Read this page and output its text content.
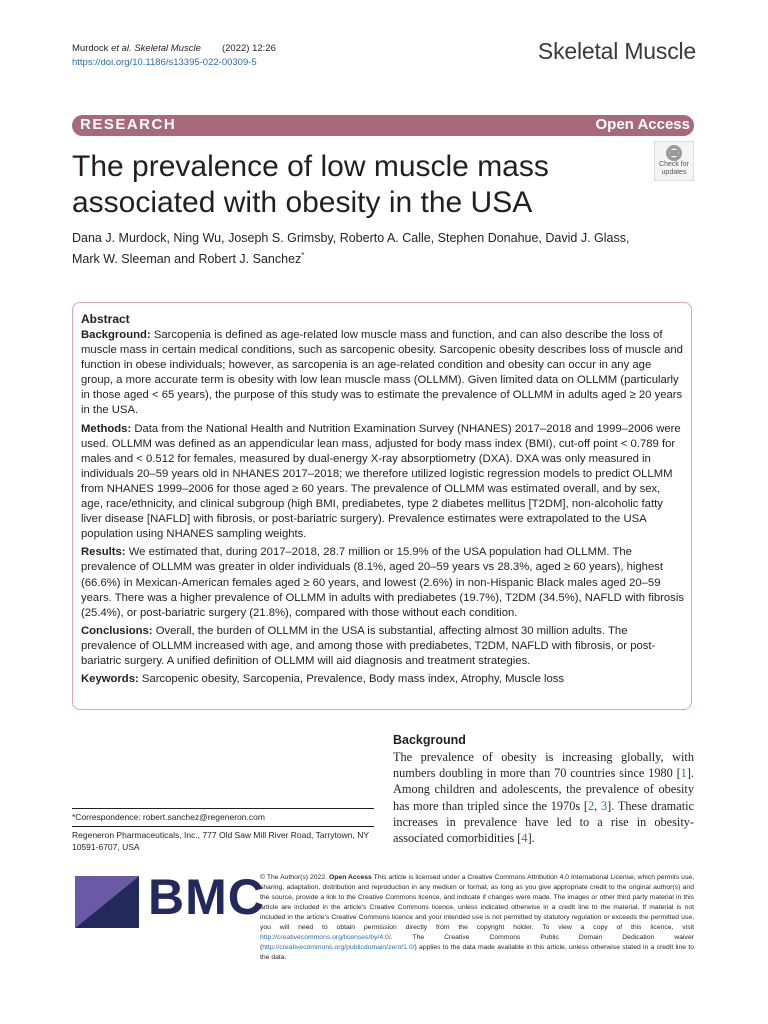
Murdock et al. Skeletal Muscle (2022) 12:26
https://doi.org/10.1186/s13395-022-00309-5	Skeletal Muscle
RESEARCH	Open Access
The prevalence of low muscle mass associated with obesity in the USA
Check for
updates
Dana J. Murdock, Ning Wu, Joseph S. Grimsby, Roberto A. Calle, Stephen Donahue, David J. Glass,
Mark W. Sleeman and Robert J. Sanchez*
Abstract

Background: Sarcopenia is defined as age-related low muscle mass and function, and can also describe the loss of muscle mass in certain medical conditions, such as sarcopenic obesity. Sarcopenic obesity describes loss of muscle and function in obese individuals; however, as sarcopenia is an age-related condition and obesity can occur in any age group, a more accurate term is obesity with low lean muscle mass (OLLMM). Given limited data on OLLMM (particularly in those aged < 65 years), the purpose of this study was to estimate the prevalence of OLLMM in adults aged ≥ 20 years in the USA.

Methods: Data from the National Health and Nutrition Examination Survey (NHANES) 2017–2018 and 1999–2006 were used. OLLMM was defined as an appendicular lean mass, adjusted for body mass index (BMI), cut-off point < 0.789 for males and < 0.512 for females, measured by dual-energy X-ray absorptiometry (DXA). DXA was only measured in individuals 20–59 years old in NHANES 2017–2018; we therefore utilized logistic regression models to predict OLLMM from NHANES 1999–2006 for those aged ≥ 60 years. The prevalence of OLLMM was estimated overall, and by sex, age, race/ethnicity, and clinical subgroup (high BMI, prediabetes, type 2 diabetes mellitus [T2DM], non-alcoholic fatty liver disease [NAFLD] with fibrosis, or post-bariatric surgery). Prevalence estimates were extrapolated to the USA population using NHANES sampling weights.

Results: We estimated that, during 2017–2018, 28.7 million or 15.9% of the USA population had OLLMM. The prevalence of OLLMM was greater in older individuals (8.1%, aged 20–59 years vs 28.3%, aged ≥ 60 years), highest (66.6%) in Mexican-American females aged ≥ 60 years, and lowest (2.6%) in non-Hispanic Black males aged 20–59 years. There was a higher prevalence of OLLMM in adults with prediabetes (19.7%), T2DM (34.5%), NAFLD with fibrosis (25.4%), or post-bariatric surgery (21.8%), compared with those without each condition.

Conclusions: Overall, the burden of OLLMM in the USA is substantial, affecting almost 30 million adults. The prevalence of OLLMM increased with age, and among those with prediabetes, T2DM, NAFLD with fibrosis, or post-bariatric surgery. A unified definition of OLLMM will aid diagnosis and treatment strategies.

Keywords: Sarcopenic obesity, Sarcopenia, Prevalence, Body mass index, Atrophy, Muscle loss

*Correspondence: robert.sanchez@regeneron.com
Regeneron Pharmaceuticals, Inc., 777 Old Saw Mill River Road, Tarrytown, NY 10591-6707, USA
Background
The prevalence of obesity is increasing globally, with numbers doubling in more than 70 countries since 1980 [1]. Among children and adolescents, the prevalence of obesity has more than tripled since the 1970s [2, 3]. These dramatic increases in prevalence have led to a rise in obesity-associated comorbidities [4].
BMC
© The Author(s) 2022. Open Access This article is licensed under a Creative Commons Attribution 4.0 International License, which permits use, sharing, adaptation, distribution and reproduction in any medium or format, as long as you give appropriate credit to the original author(s) and the source, provide a link to the Creative Commons licence, and indicate if changes were made. The images or other third party material in this article are included in the article's Creative Commons licence, unless indicated otherwise in a credit line to the material. If material is not included in the article's Creative Commons licence and your intended use is not permitted by statutory regulation or exceeds the permitted use, you will need to obtain permission directly from the copyright holder. To view a copy of this licence, visit http://creativecommons.org/licenses/by/4.0/. The Creative Commons Public Domain Dedication waiver (http://creativecommons.org/publicdomain/zero/1.0/) applies to the data made available in this article, unless otherwise stated in a credit line to the data.
